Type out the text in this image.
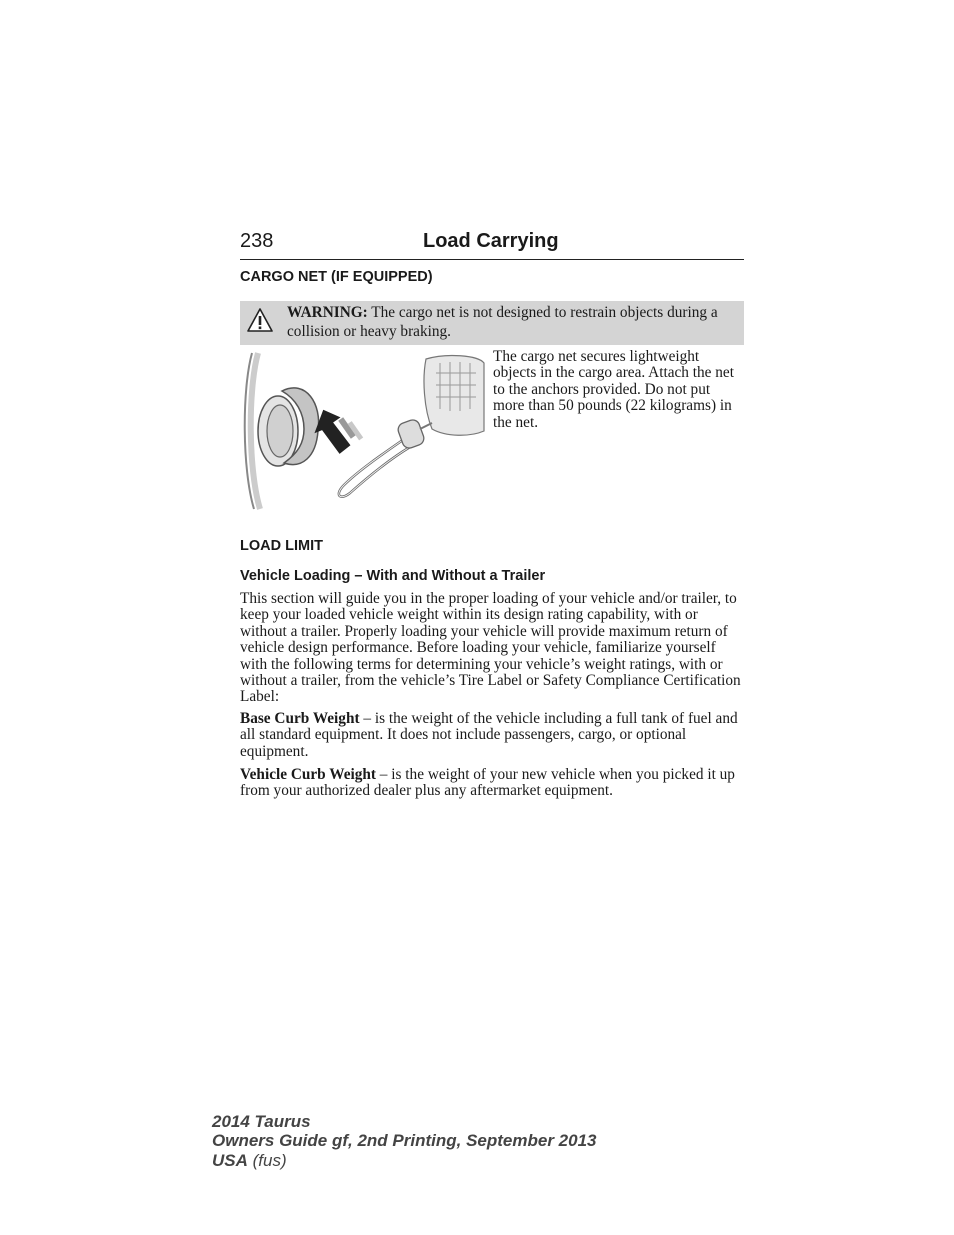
238	Load Carrying
CARGO NET (IF EQUIPPED)
WARNING: The cargo net is not designed to restrain objects during a collision or heavy braking.
The cargo net secures lightweight objects in the cargo area. Attach the net to the anchors provided. Do not put more than 50 pounds (22 kilograms) in the net.
LOAD LIMIT
Vehicle Loading – With and Without a Trailer

This section will guide you in the proper loading of your vehicle and/or trailer, to keep your loaded vehicle weight within its design rating capability, with or without a trailer. Properly loading your vehicle will provide maximum return of vehicle design performance. Before loading your vehicle, familiarize yourself with the following terms for determining your vehicle’s weight ratings, with or without a trailer, from the vehicle’s Tire Label or Safety Compliance Certification Label:

Base Curb Weight – is the weight of the vehicle including a full tank of fuel and all standard equipment. It does not include passengers, cargo, or optional equipment.

Vehicle Curb Weight – is the weight of your new vehicle when you picked it up from your authorized dealer plus any aftermarket equipment.

2014 Taurus
Owners Guide gf, 2nd Printing, September 2013
USA (fus)
